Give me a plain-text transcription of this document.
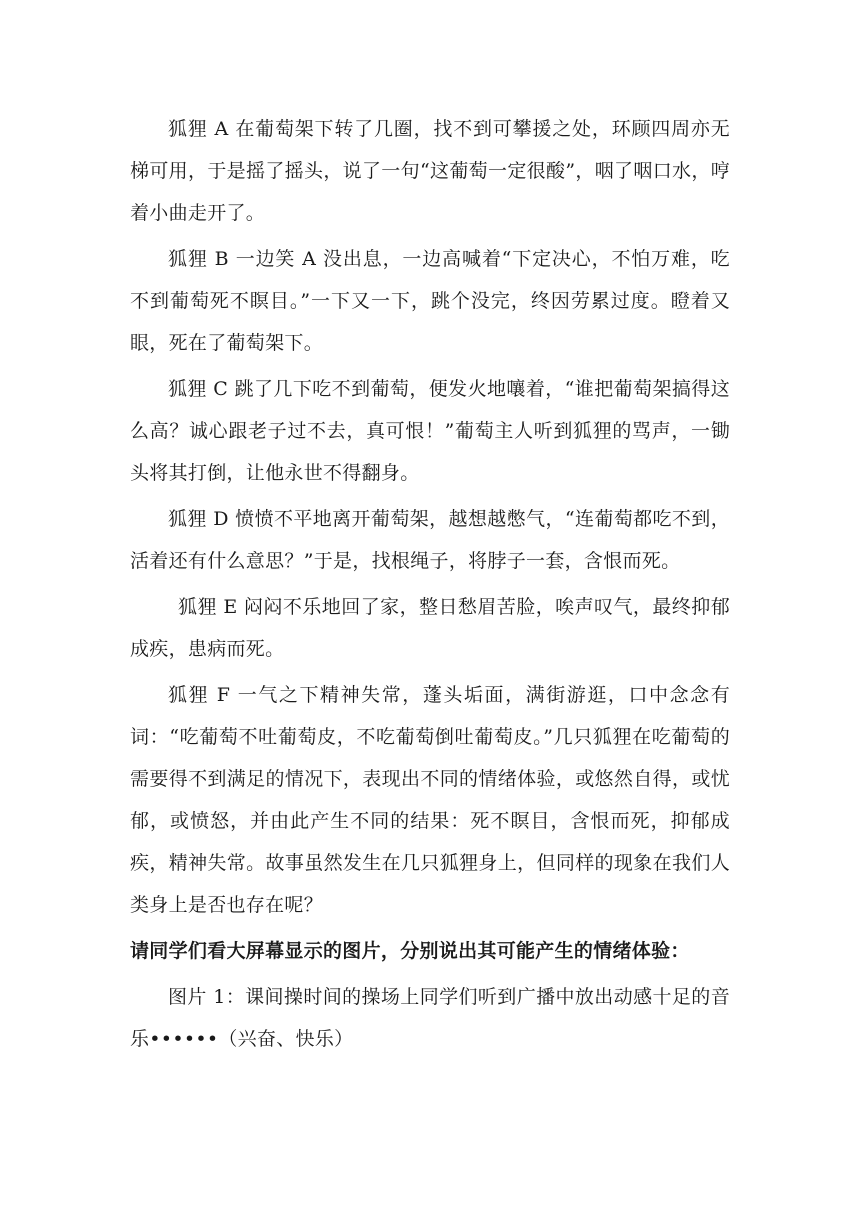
狐狸 A 在葡萄架下转了几圈，找不到可攀援之处，环顾四周亦无梯可用，于是摇了摇头，说了一句“这葡萄一定很酸”，咽了咽口水，哼着小曲走开了。

狐狸 B 一边笑 A 没出息，一边高喊着“下定决心，不怕万难，吃不到葡萄死不瞑目。”一下又一下，跳个没完，终因劳累过度。瞪着又眼，死在了葡萄架下。

狐狸 C 跳了几下吃不到葡萄，便发火地嚷着，“谁把葡萄架搞得这么高？诚心跟老子过不去，真可恨！”葡萄主人听到狐狸的骂声，一锄头将其打倒，让他永世不得翻身。

狐狸 D 愤愤不平地离开葡萄架，越想越憋气，“连葡萄都吃不到，活着还有什么意思？”于是，找根绳子，将脖子一套，含恨而死。

狐狸 E 闷闷不乐地回了家，整日愁眉苦脸，唉声叹气，最终抑郁成疾，患病而死。

狐狸 F 一气之下精神失常，蓬头垢面，满街游逛，口中念念有词：“吃葡萄不吐葡萄皮，不吃葡萄倒吐葡萄皮。”几只狐狸在吃葡萄的需要得不到满足的情况下，表现出不同的情绪体验，或悠然自得，或忧郁，或愤怒，并由此产生不同的结果：死不瞑目，含恨而死，抑郁成疾，精神失常。故事虽然发生在几只狐狸身上，但同样的现象在我们人类身上是否也存在呢？

请同学们看大屏幕显示的图片，分别说出其可能产生的情绪体验：

图片 1：课间操时间的操场上同学们听到广播中放出动感十足的音乐••••••（兴奋、快乐）
